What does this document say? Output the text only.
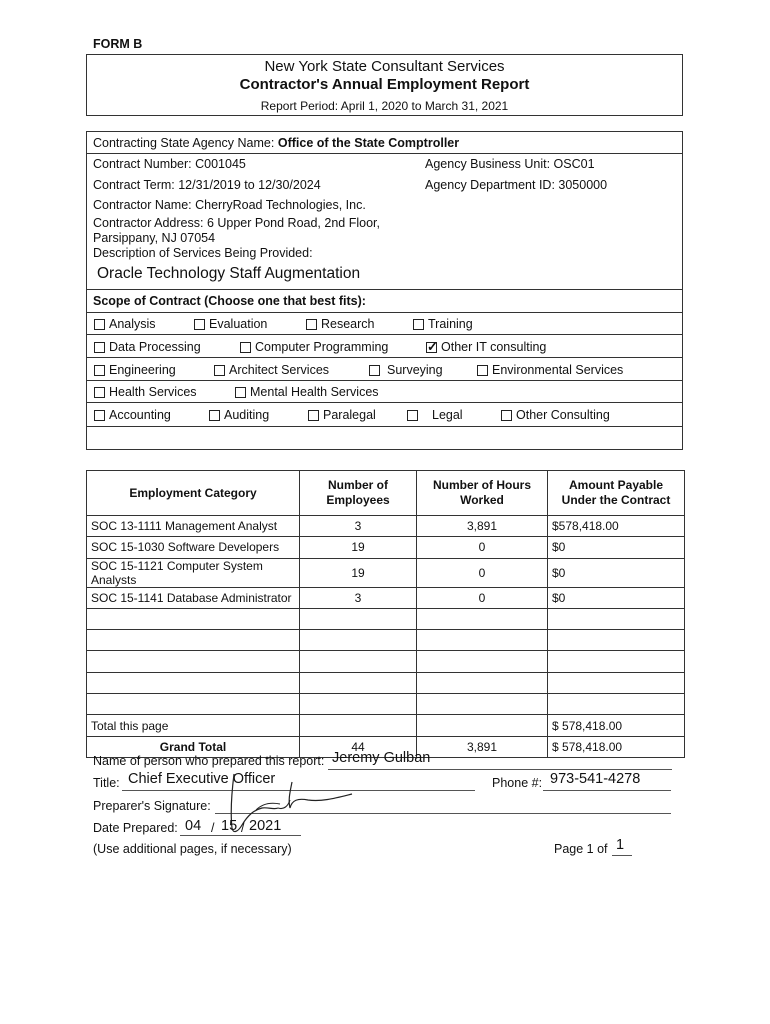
FORM B
New York State Consultant Services
Contractor's Annual Employment Report
Report Period: April 1, 2020 to March 31, 2021
Contracting State Agency Name: Office of the State Comptroller
Contract Number: C001045	Agency Business Unit: OSC01
Contract Term: 12/31/2019 to 12/30/2024	Agency Department ID: 3050000
Contractor Name: CherryRoad Technologies, Inc.
Contractor Address: 6 Upper Pond Road, 2nd Floor,
Parsippany, NJ 07054
Description of Services Being Provided:
Oracle Technology Staff Augmentation
Scope of Contract (Choose one that best fits):
Analysis	Evaluation	Research	Training
Data Processing	Computer Programming ✓	Other IT consulting
Engineering	Architect Services	Surveying	Environmental Services
Health Services	Mental Health Services
Accounting	Auditing	Paralegal	Legal	Other Consulting
Employment Category	Number of Employees	Number of Hours Worked	Amount Payable Under the Contract
SOC 13-1111 Management Analyst	3	3,891	$578,418.00
SOC 15-1030 Software Developers	19	0	$0
SOC 15-1121 Computer System Analysts	19	0	$0
SOC 15-1141 Database Administrator	3	0	$0

Total this page			$ 578,418.00
Grand Total	44	3,891	$ 578,418.00
Name of person who prepared this report: Jeremy Gulban
Title: Chief Executive Officer	Phone #: 973-541-4278
Preparer's Signature:
Date Prepared: 04 / 15 / 2021
(Use additional pages, if necessary)	Page 1 of 1
